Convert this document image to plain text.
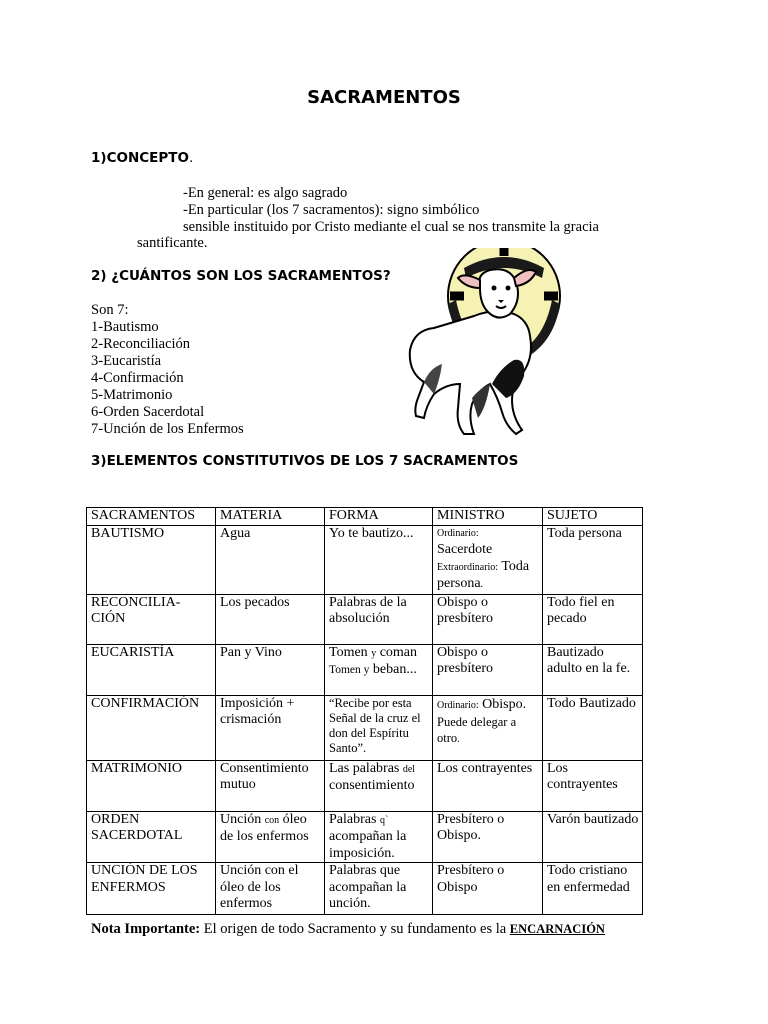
SACRAMENTOS
1)CONCEPTO.
-En general: es algo sagrado
-En particular (los 7 sacramentos): signo simbólico
sensible instituido por Cristo mediante el cual se nos transmite la gracia
santificante.
2) ¿CUÁNTOS SON LOS SACRAMENTOS?
Son 7:
1-Bautismo
2-Reconciliación
3-Eucaristía
4-Confirmación
5-Matrimonio
6-Orden Sacerdotal
7-Unción de los Enfermos
3)ELEMENTOS CONSTITUTIVOS DE LOS 7 SACRAMENTOS
SACRAMENTOS	MATERIA	FORMA	MINISTRO	SUJETO
BAUTISMO	Agua	Yo te bautizo...	Ordinario:
Sacerdote
Extraordinario: Toda persona.	Toda persona

RECONCILIA-
CIÓN	Los pecados	Palabras de la absolución	Obispo o presbítero	Todo fiel en pecado
EUCARISTÍA	Pan y Vino	Tomen y coman
Tomen y beban...	Obispo o presbítero	Bautizado adulto en la fe.
CONFIRMACIÓN	Imposición + crismación	“Recibe por esta Señal de la cruz el don del Espíritu Santo”.	Ordinario: Obispo.
Puede delegar a otro.	Todo Bautizado
MATRIMONIO	Consentimiento mutuo	Las palabras del consentimiento	Los contrayentes	Los contrayentes
ORDEN SACERDOTAL	Unción con óleo de los enfermos	Palabras q` acompañan la imposición.	Presbítero o Obispo.	Varón bautizado
UNCIÓN DE LOS ENFERMOS	Unción con el óleo de los enfermos	Palabras que acompañan la unción.	Presbítero o Obispo	Todo cristiano en enfermedad
Nota Importante: El origen de todo Sacramento y su fundamento es la ENCARNACIÓN
